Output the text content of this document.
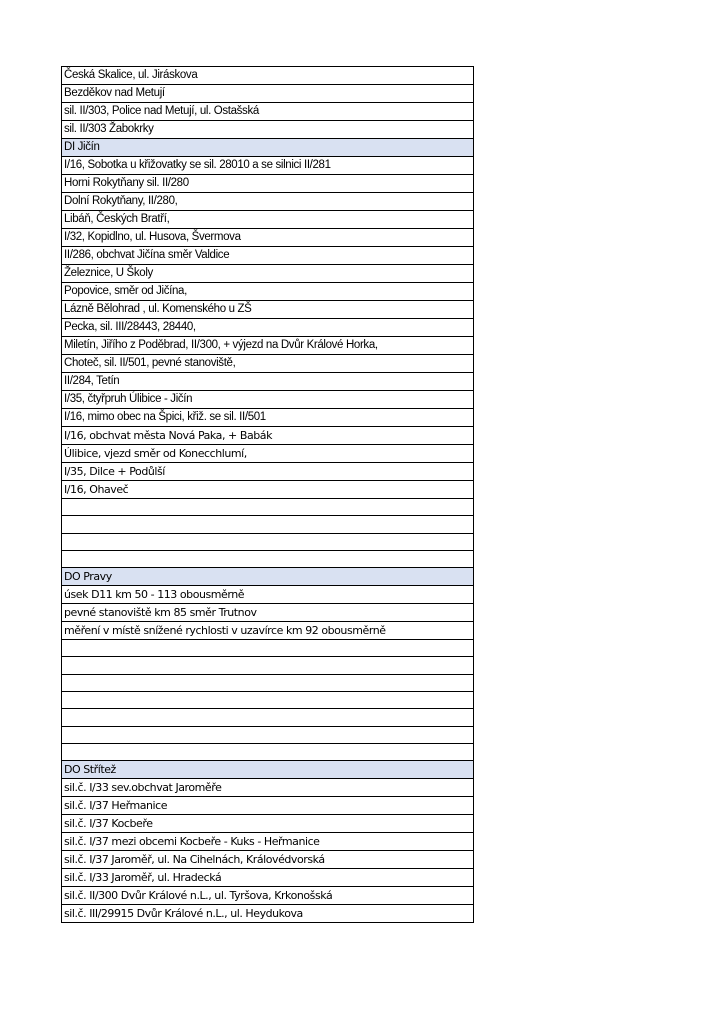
Česká Skalice, ul. Jiráskova
Bezděkov nad Metují
sil. II/303, Police nad Metují, ul. Ostašská
sil. II/303 Žabokrky
DI Jičín
I/16, Sobotka u křižovatky se sil. 28010 a se silnici II/281
Horni Rokytňany sil. II/280
Dolní Rokytňany, II/280,
Libáň, Českých Bratří,
I/32, Kopidlno, ul. Husova, Švermova
II/286, obchvat Jičína směr Valdice
Železnice, U Školy
Popovice, směr od Jičína,
Lázně Bělohrad , ul. Komenského u ZŠ
Pecka, sil. III/28443, 28440,
Miletín, Jiřího z Poděbrad, II/300, + výjezd na Dvůr Králové Horka,
Choteč, sil. II/501, pevné stanoviště,
II/284, Tetín
I/35, čtyřpruh Úlibice - Jičín
I/16, mimo obec na Špici, křiž. se sil. II/501
I/16, obchvat města Nová Paka, + Babák
Úlibice, vjezd směr od Konecchlumí,
I/35, Dilce + Podůlší
I/16, Ohaveč

DO Pravy
úsek D11 km 50 - 113 obousměrně
pevné stanoviště km 85 směr Trutnov
měření v místě snížené rychlosti v uzavírce km 92 obousměrně

DO Střítež
sil.č. I/33 sev.obchvat Jaroměře
sil.č. I/37 Heřmanice
sil.č. I/37 Kocbeře
sil.č. I/37 mezi obcemi Kocbeře - Kuks - Heřmanice
sil.č. I/37 Jaroměř, ul. Na Cihelnách, Královédvorská
sil.č. I/33 Jaroměř, ul. Hradecká
sil.č. II/300 Dvůr Králové n.L., ul. Tyršova, Krkonošská
sil.č. III/29915 Dvůr Králové n.L., ul. Heydukova
